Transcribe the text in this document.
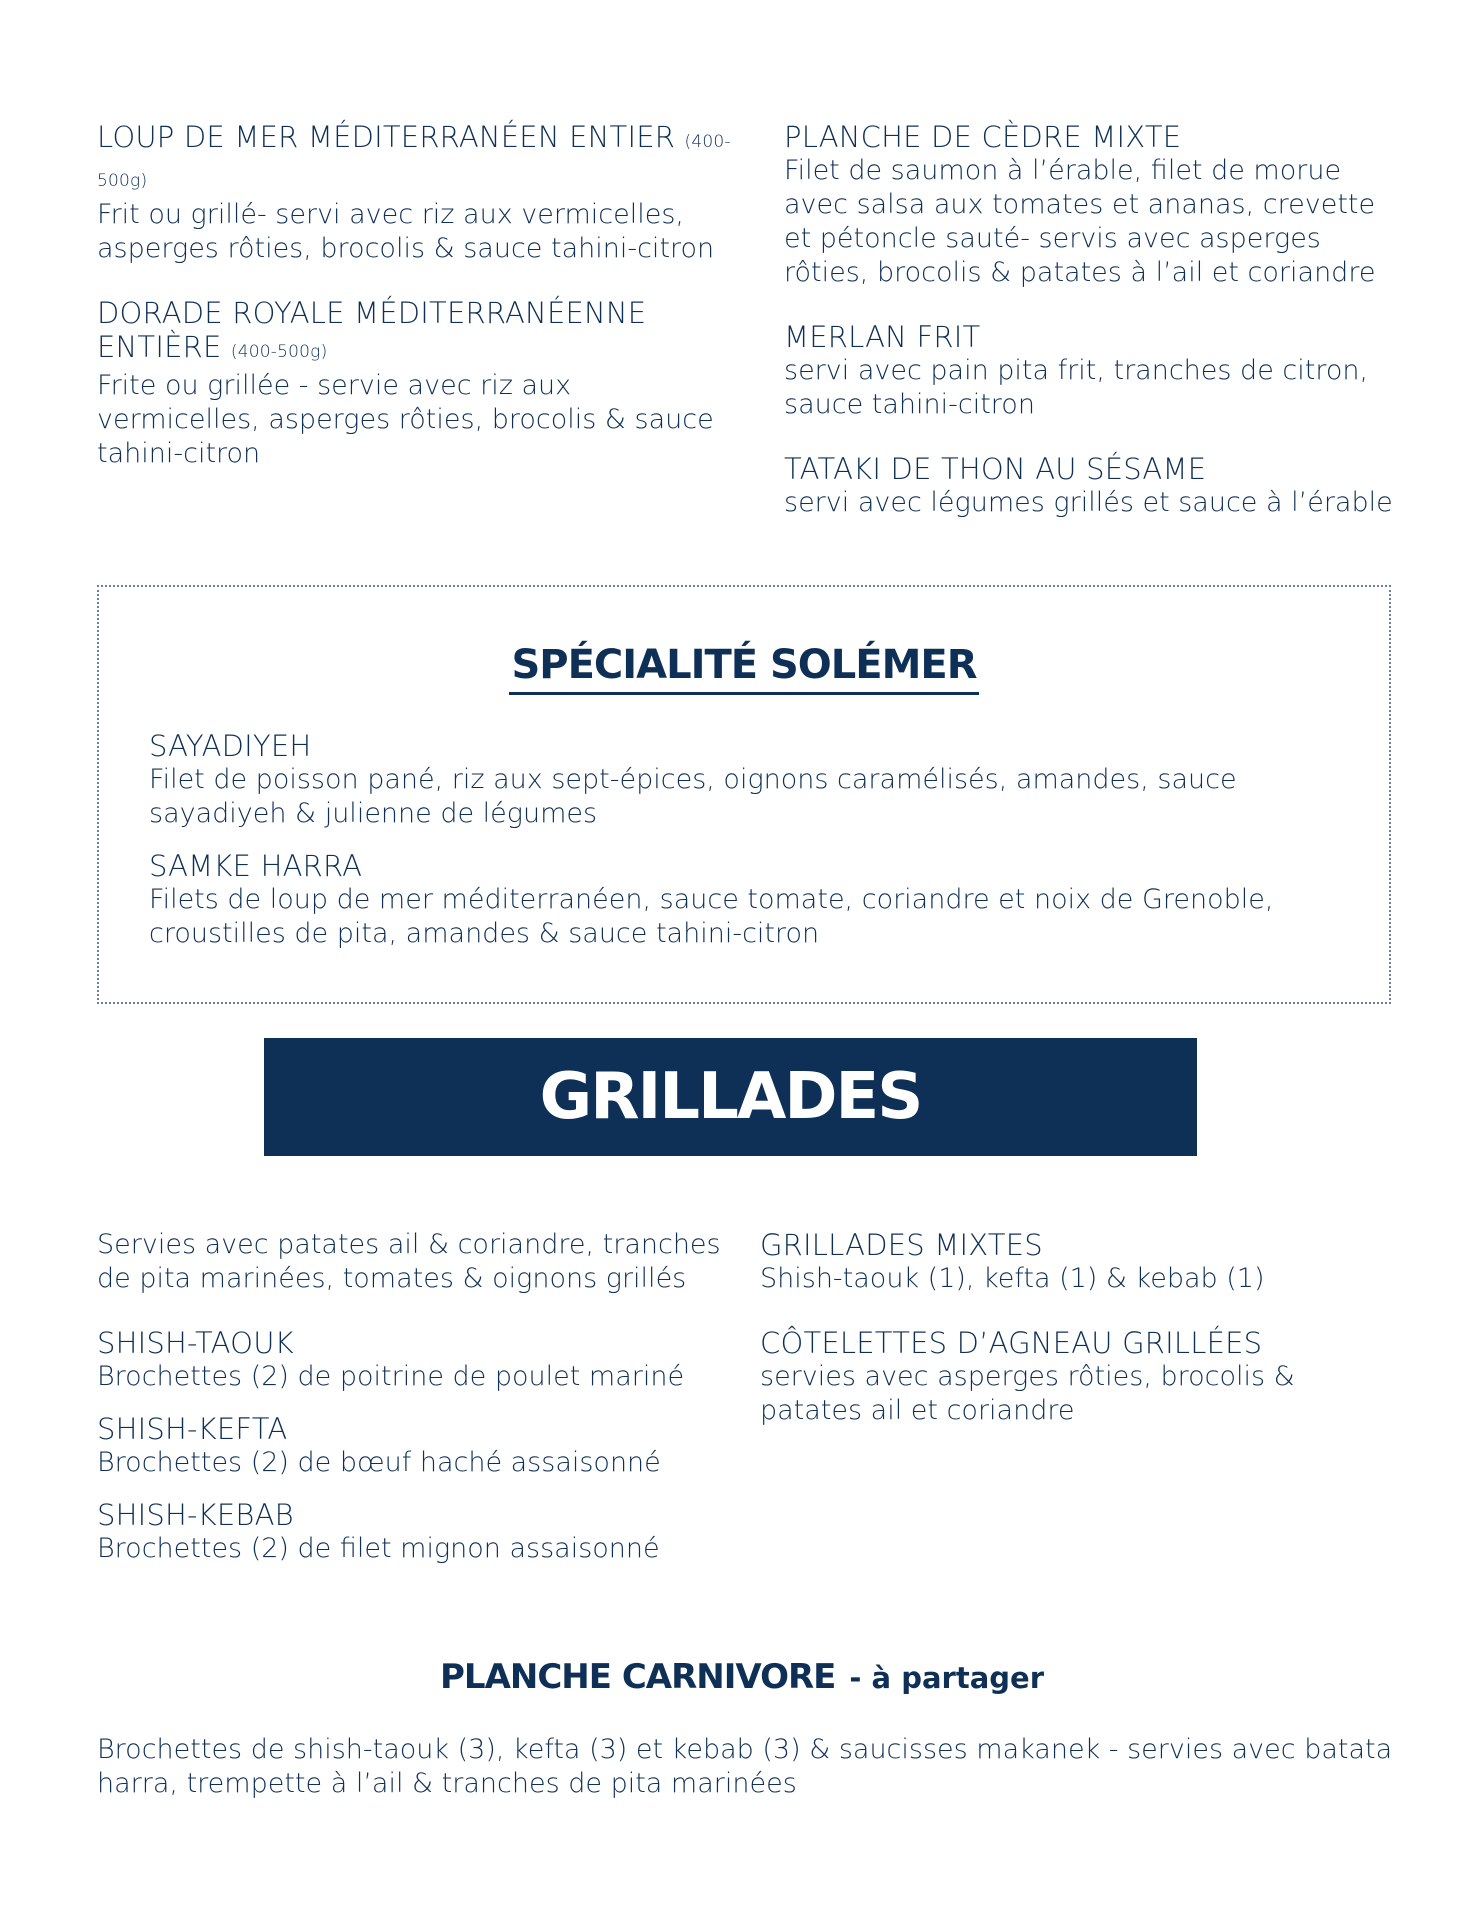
LOUP DE MER MÉDITERRANÉEN ENTIER (400-500g)
Frit ou grillé- servi avec riz aux vermicelles, asperges rôties, brocolis & sauce tahini-citron
DORADE ROYALE MÉDITERRANÉENNE ENTIÈRE (400-500g)
Frite ou grillée - servie avec riz aux vermicelles, asperges rôties, brocolis & sauce tahini-citron
PLANCHE DE CÈDRE MIXTE
Filet de saumon à l’érable, filet de morue avec salsa aux tomates et ananas, crevette et pétoncle sauté- servis avec asperges rôties, brocolis & patates à l’ail et coriandre
MERLAN FRIT
servi avec pain pita frit, tranches de citron, sauce tahini-citron
TATAKI DE THON AU SÉSAME
servi avec légumes grillés et sauce à l’érable
SPÉCIALITÉ SOLÉMER
SAYADIYEH
Filet de poisson pané, riz aux sept-épices, oignons caramélisés, amandes, sauce sayadiyeh & julienne de légumes
SAMKE HARRA
Filets de loup de mer méditerranéen, sauce tomate, coriandre et noix de Grenoble, croustilles de pita, amandes & sauce tahini-citron
GRILLADES
Servies avec patates ail & coriandre, tranches de pita marinées, tomates & oignons grillés
SHISH-TAOUK
Brochettes (2) de poitrine de poulet mariné
SHISH-KEFTA
Brochettes (2) de bœuf haché assaisonné
SHISH-KEBAB
Brochettes (2) de filet mignon assaisonné
GRILLADES MIXTES
Shish-taouk (1), kefta (1) & kebab (1)
CÔTELETTES D’AGNEAU GRILLÉES
servies avec asperges rôties, brocolis & patates ail et coriandre
PLANCHE CARNIVORE - à partager
Brochettes de shish-taouk (3), kefta (3) et kebab (3) & saucisses makanek - servies avec batata harra, trempette à l’ail & tranches de pita marinées
